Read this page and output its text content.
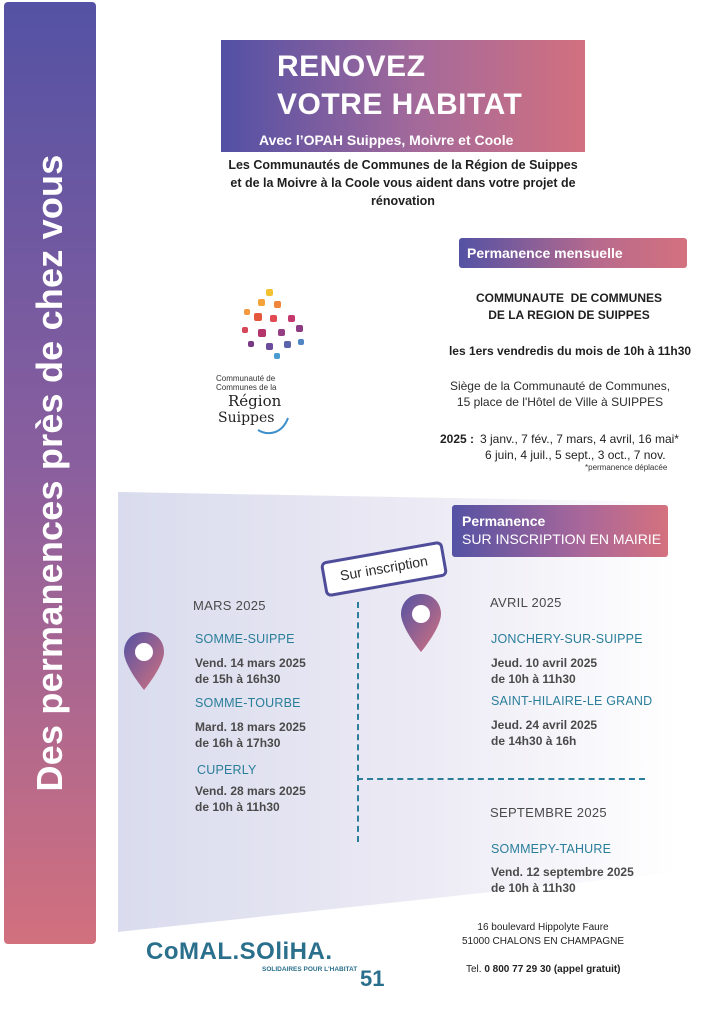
Des permanences près de chez vous
RENOVEZ
VOTRE HABITAT
Avec l’OPAH Suippes, Moivre et Coole
Les Communautés de Communes de la Région de Suippes et de la Moivre à la Coole vous aident dans votre projet de rénovation
Communauté de
Communes de la
Région
Suippes
Permanence mensuelle
COMMUNAUTE  DE COMMUNES
DE LA REGION DE SUIPPES
les 1ers vendredis du mois de 10h à 11h30
Siège de la Communauté de Communes,
15 place de l'Hôtel de Ville à SUIPPES
2025 : 3 janv., 7 fév., 7 mars, 4 avril, 16 mai*
6 juin, 4 juil., 5 sept., 3 oct., 7 nov.
*permanence déplacée
Permanence
SUR INSCRIPTION EN MAIRIE
Sur inscription
MARS 2025
SOMME-SUIPPE
Vend. 14 mars 2025
de 15h à 16h30
SOMME-TOURBE
Mard. 18 mars 2025
de 16h à 17h30
CUPERLY
Vend. 28 mars 2025
de 10h à 11h30
AVRIL 2025
JONCHERY-SUR-SUIPPE
Jeud. 10 avril 2025
de 10h à 11h30
SAINT-HILAIRE-LE GRAND
Jeud. 24 avril 2025
de 14h30 à 16h
SEPTEMBRE 2025
SOMMEPY-TAHURE
Vend. 12 septembre 2025
de 10h à 11h30
CoMAL.SOliHA.
SOLIDAIRES POUR L'HABITAT 51
16 boulevard Hippolyte Faure
51000 CHALONS EN CHAMPAGNE
Tel. 0 800 77 29 30 (appel gratuit)
